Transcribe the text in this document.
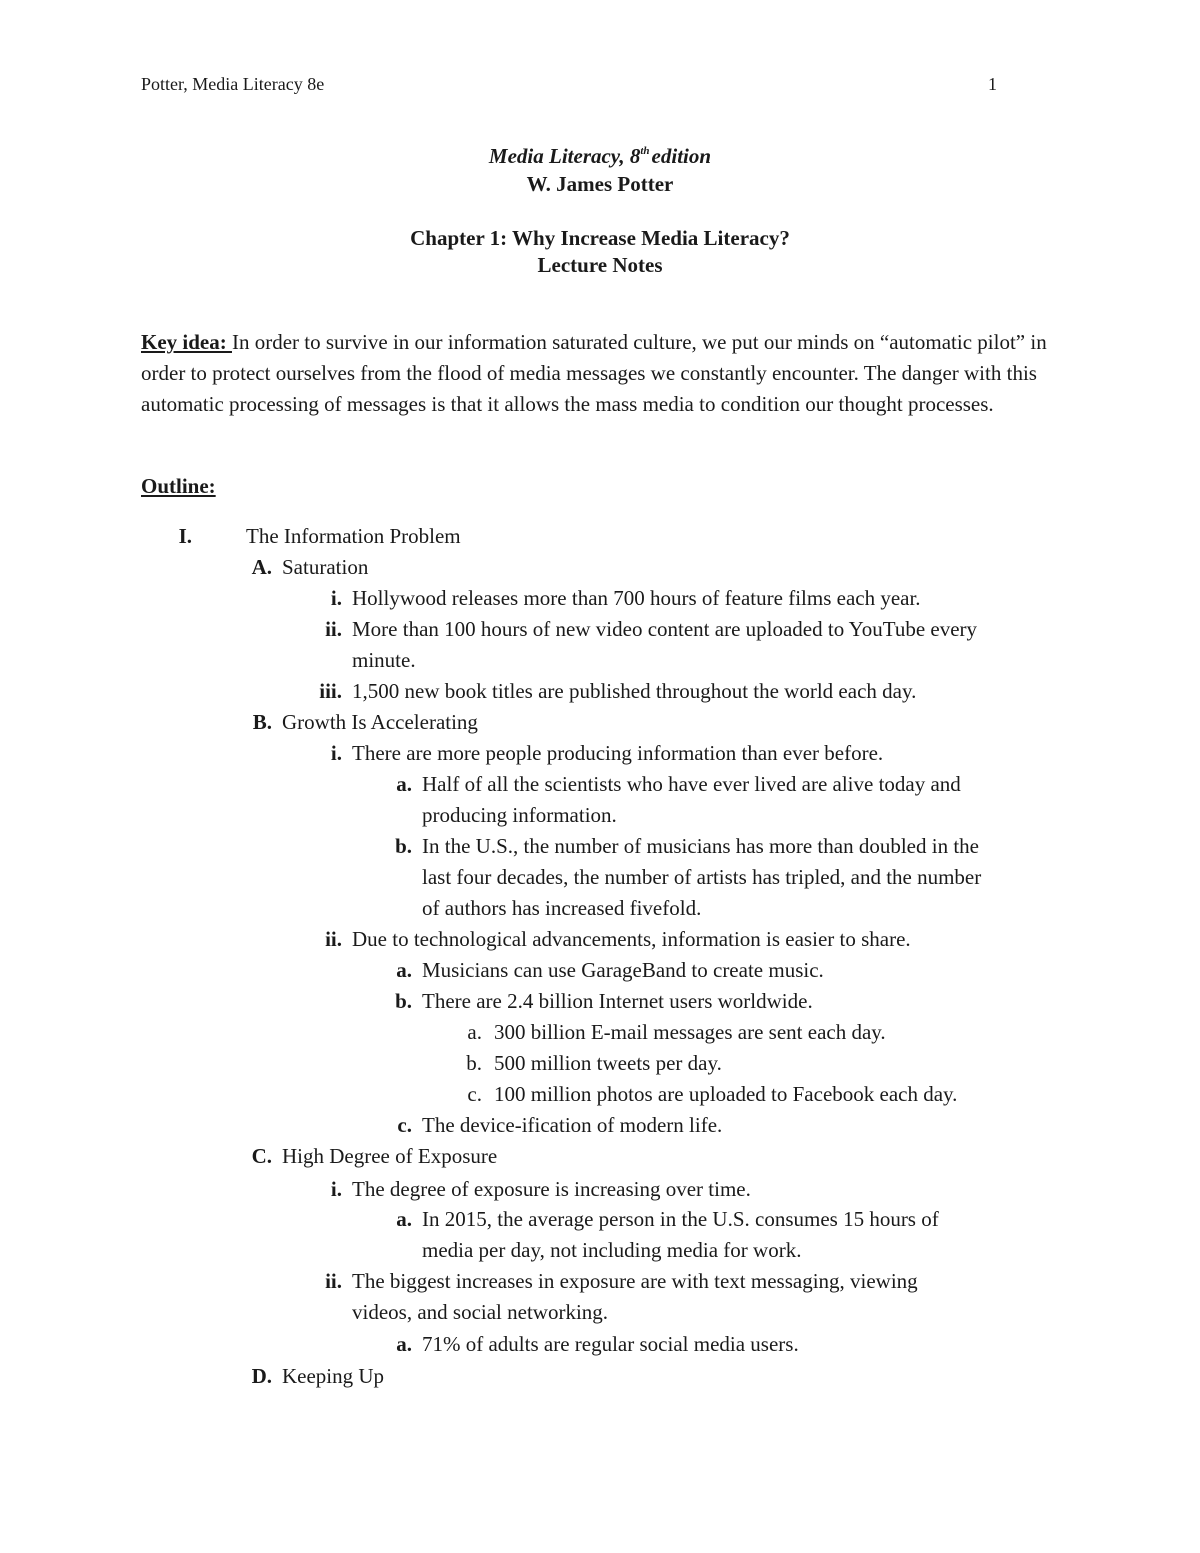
Potter, Media Literacy 8e	1
Media Literacy, 8thedition
W. James Potter
Chapter 1: Why Increase Media Literacy?
Lecture Notes
Key idea: In order to survive in our information saturated culture, we put our minds on “automatic pilot” in order to protect ourselves from the flood of media messages we constantly encounter. The danger with this automatic processing of messages is that it allows the mass media to condition our thought processes.
Outline:
I.	The Information Problem
A. Saturation
i. Hollywood releases more than 700 hours of feature films each year.
ii. More than 100 hours of new video content are uploaded to YouTube every
minute.
iii. 1,500 new book titles are published throughout the world each day.
B. Growth Is Accelerating
i. There are more people producing information than ever before.
a. Half of all the scientists who have ever lived are alive today and
producing information.
b. In the U.S., the number of musicians has more than doubled in the
last four decades, the number of artists has tripled, and the number
of authors has increased fivefold.
ii. Due to technological advancements, information is easier to share.
a. Musicians can use GarageBand to create music.
b. There are 2.4 billion Internet users worldwide.
a. 300 billion E-mail messages are sent each day.
b. 500 million tweets per day.
c. 100 million photos are uploaded to Facebook each day.
c. The device-ification of modern life.
C. High Degree of Exposure
i. The degree of exposure is increasing over time.
a. In 2015, the average person in the U.S. consumes 15 hours of
media per day, not including media for work.
ii. The biggest increases in exposure are with text messaging, viewing
videos, and social networking.
a. 71% of adults are regular social media users.
D. Keeping Up
